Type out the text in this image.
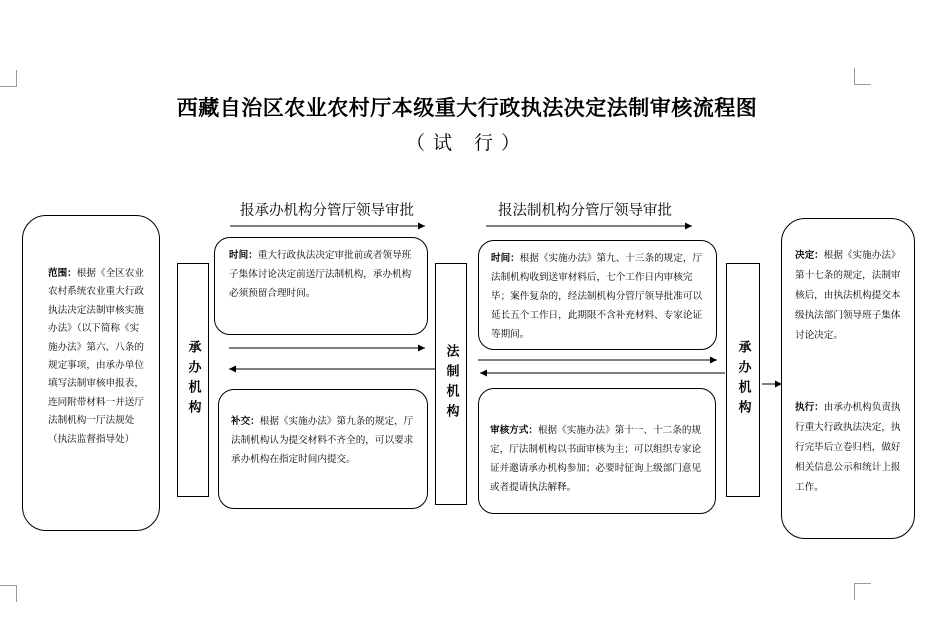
西藏自治区农业农村厅本级重大行政执法决定法制审核流程图
（试 行）
报承办机构分管厅领导审批	报法制机构分管厅领导审批
范围：根据《全区农业农村系统农业重大行政执法决定法制审核实施办法》（以下简称《实施办法》第六、八条的规定事项，由承办单位填写法制审核申报表，连同附带材料一并送厅法制机构一厅法规处（执法监督指导处）
承办机构	法制机构	承办机构
时间：重大行政执法决定审批前或者领导班子集体讨论决定前送厅法制机构，承办机构必须预留合理时间。
补交：根据《实施办法》第九条的规定，厅法制机构认为提交材料不齐全的，可以要求承办机构在指定时间内提交。
时间：根据《实施办法》第九、十三条的规定，厅法制机构收到送审材料后，七个工作日内审核完毕；案件复杂的，经法制机构分管厅领导批准可以延长五个工作日，此期限不含补充材料、专家论证等期间。
审核方式：根据《实施办法》第十一、十二条的规定，厅法制机构以书面审核为主；可以组织专家论证并邀请承办机构参加；必要时征询上级部门意见或者提请执法解释。
决定：根据《实施办法》第十七条的规定，法制审核后，由执法机构提交本级执法部门领导班子集体讨论决定。
执行：由承办机构负责执行重大行政执法决定，执行完毕后立卷归档，做好相关信息公示和统计上报工作。
